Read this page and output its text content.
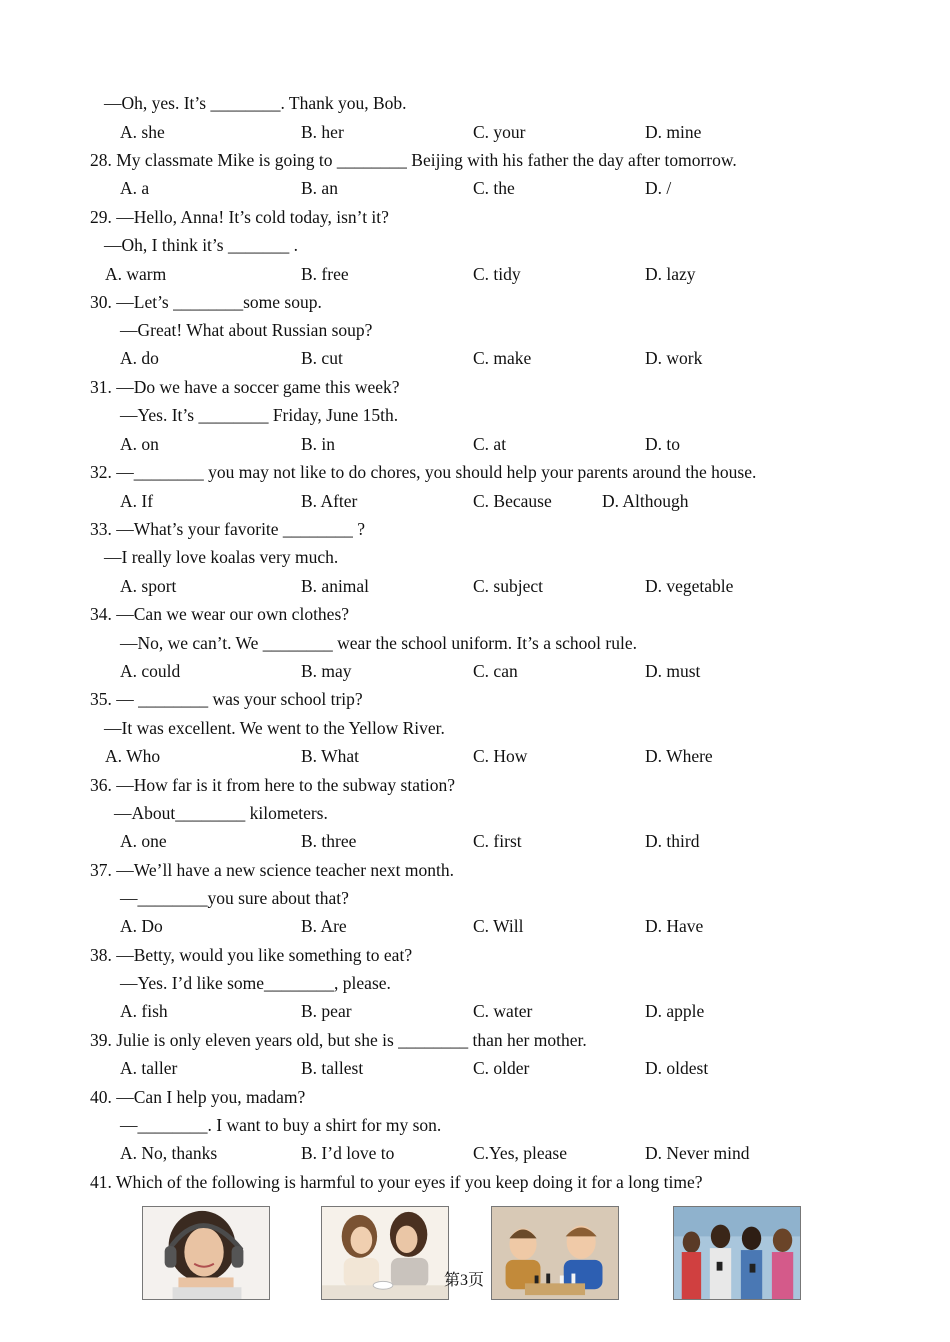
—Oh, yes. It’s ________. Thank you, Bob.
A. she	B. her	C. your	D. mine
28. My classmate Mike is going to ________ Beijing with his father the day after tomorrow.
A. a	B. an	C. the	D. /
29. —Hello, Anna! It’s cold today, isn’t it?
—Oh, I think it’s _______ .
A. warm	B. free	C. tidy	D. lazy
30. —Let’s ________some soup.
—Great! What about Russian soup?
A. do	B. cut	C. make	D. work
31. —Do we have a soccer game this week?
—Yes. It’s ________ Friday, June 15th.
A. on	B. in	C. at	D. to
32. —________ you may not like to do chores, you should help your parents around the house.
A. If	B. After	C. Because	D. Although
33. —What’s your favorite ________ ?
—I really love koalas very much.
A. sport	B. animal	C. subject	D. vegetable
34. —Can we wear our own clothes?
—No, we can’t. We ________ wear the school uniform. It’s a school rule.
A. could	B. may	C. can	D. must
35. — ________ was your school trip?
—It was excellent. We went to the Yellow River.
A. Who	B. What	C. How	D. Where
36. —How far is it from here to the subway station?
—About________ kilometers.
A. one	B. three	C. first	D. third
37. —We’ll have a new science teacher next month.
—________you sure about that?
A. Do	B. Are	C. Will	D. Have
38. —Betty, would you like something to eat?
—Yes. I’d like some________, please.
A. fish	B. pear	C. water	D. apple
39. Julie is only eleven years old, but she is ________ than her mother.
A. taller	B. tallest	C. older	D. oldest
40. —Can I help you, madam?
—________. I want to buy a shirt for my son.
A. No, thanks	B. I’d love to	C.Yes, please	D. Never mind
41. Which of the following is harmful to your eyes if you keep doing it for a long time?
第3页
